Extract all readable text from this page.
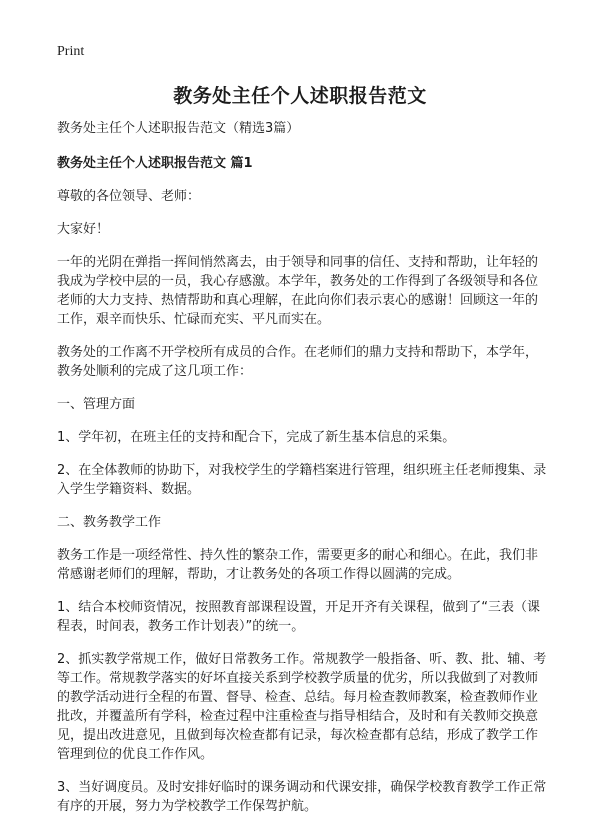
Print
教务处主任个人述职报告范文

教务处主任个人述职报告范文（精选3篇）

教务处主任个人述职报告范文 篇1

尊敬的各位领导、老师：

大家好！

一年的光阴在弹指一挥间悄然离去，由于领导和同事的信任、支持和帮助，让年轻的我成为学校中层的一员，我心存感激。本学年，教务处的工作得到了各级领导和各位老师的大力支持、热情帮助和真心理解，在此向你们表示衷心的感谢！回顾这一年的工作，艰辛而快乐、忙碌而充实、平凡而实在。

教务处的工作离不开学校所有成员的合作。在老师们的鼎力支持和帮助下，本学年，教务处顺利的完成了这几项工作：

一、管理方面

1、学年初，在班主任的支持和配合下，完成了新生基本信息的采集。

2、在全体教师的协助下，对我校学生的学籍档案进行管理，组织班主任老师搜集、录入学生学籍资料、数据。

二、教务教学工作

教务工作是一项经常性、持久性的繁杂工作，需要更多的耐心和细心。在此，我们非常感谢老师们的理解，帮助，才让教务处的各项工作得以圆满的完成。

1、结合本校师资情况，按照教育部课程设置，开足开齐有关课程，做到了“三表（课程表，时间表，教务工作计划表）”的统一。

2、抓实教学常规工作，做好日常教务工作。常规教学一般指备、听、教、批、辅、考等工作。常规教学落实的好坏直接关系到学校教学质量的优劣，所以我做到了对教师的教学活动进行全程的布置、督导、检查、总结。每月检查教师教案，检查教师作业批改，并覆盖所有学科，检查过程中注重检查与指导相结合，及时和有关教师交换意见，提出改进意见，且做到每次检查都有记录，每次检查都有总结，形成了教学工作管理到位的优良工作作风。

3、当好调度员。及时安排好临时的课务调动和代课安排，确保学校教育教学工作正常有序的开展，努力为学校教学工作保驾护航。
